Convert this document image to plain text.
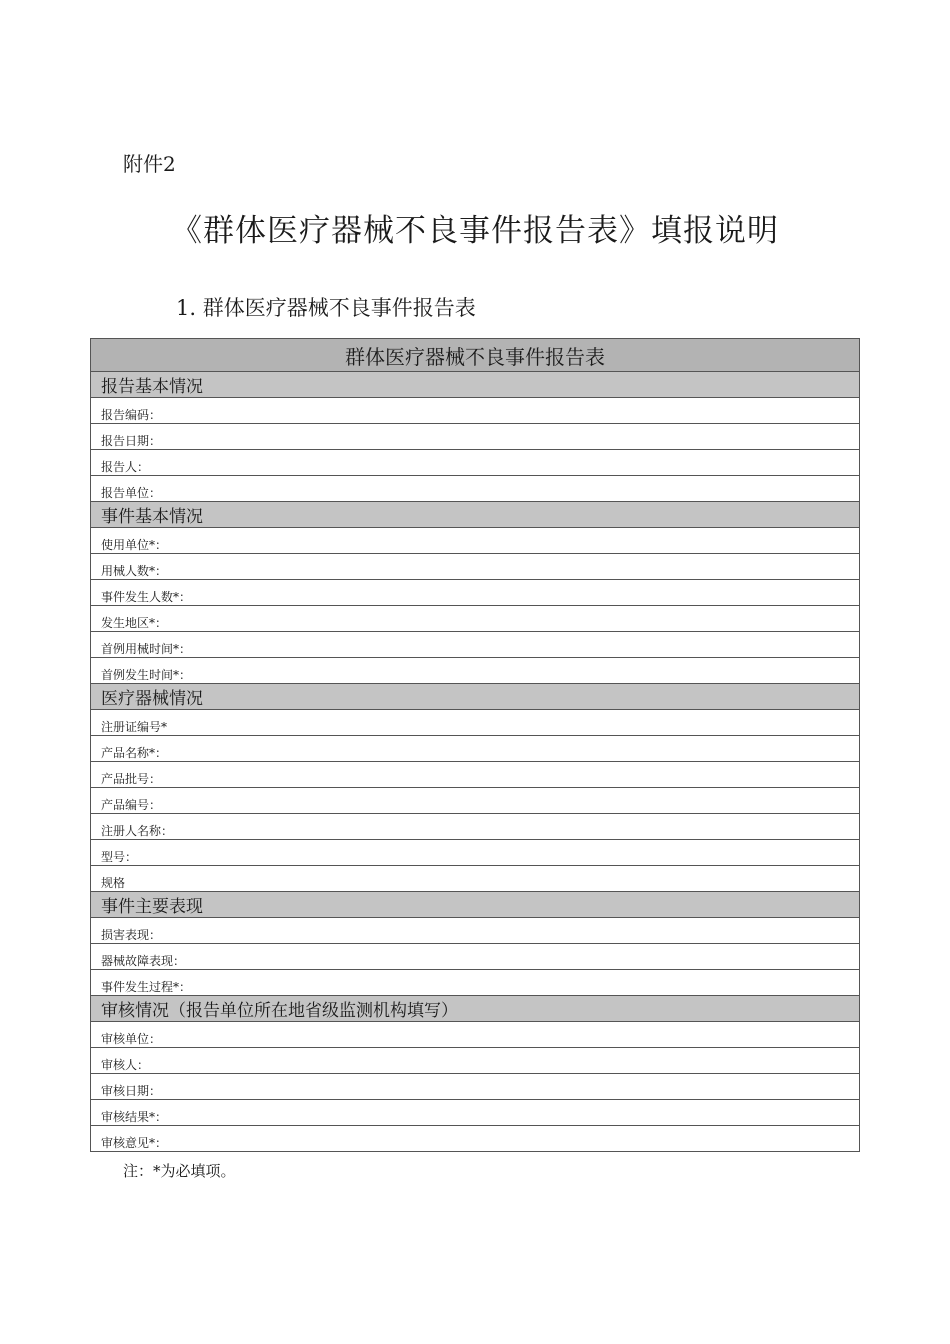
附件2
《群体医疗器械不良事件报告表》填报说明
1. 群体医疗器械不良事件报告表
群体医疗器械不良事件报告表
报告基本情况
报告编码：
报告日期：
报告人：
报告单位：
事件基本情况
使用单位*：
用械人数*：
事件发生人数*：
发生地区*：
首例用械时间*：
首例发生时间*：
医疗器械情况
注册证编号*
产品名称*：
产品批号：
产品编号：
注册人名称：
型号：
规格
事件主要表现
损害表现：
器械故障表现：
事件发生过程*：
审核情况（报告单位所在地省级监测机构填写）
审核单位：
审核人：
审核日期：
审核结果*：
审核意见*：
注：*为必填项。
